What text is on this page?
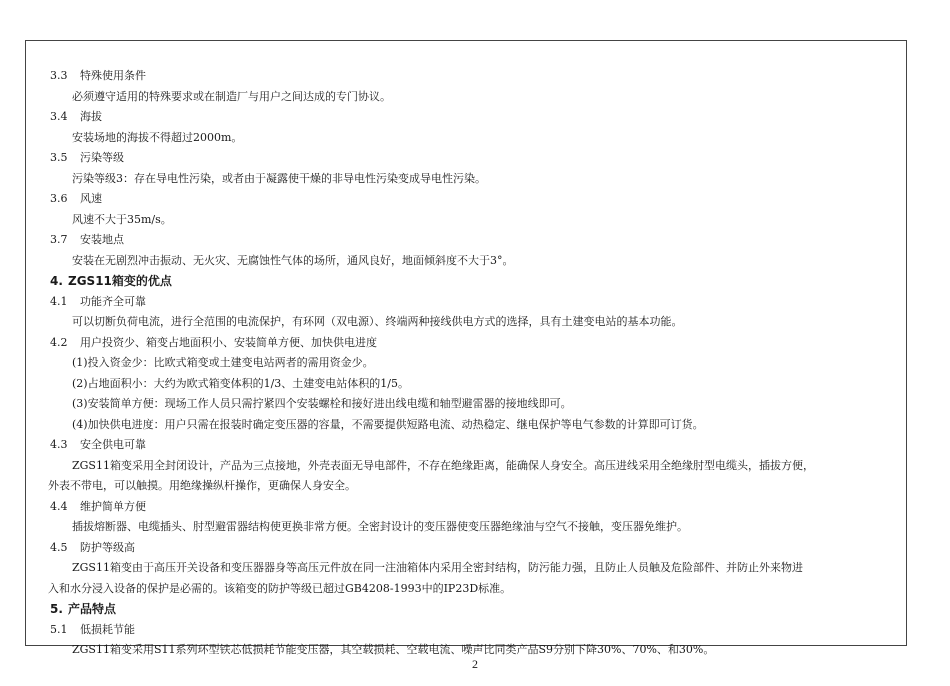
3.3 特殊使用条件
必须遵守适用的特殊要求或在制造厂与用户之间达成的专门协议。
3.4 海拔
安装场地的海拔不得超过2000m。
3.5 污染等级
污染等级3：存在导电性污染，或者由于凝露使干燥的非导电性污染变成导电性污染。
3.6 风速
风速不大于35m/s。
3.7 安装地点
安装在无剧烈冲击振动、无火灾、无腐蚀性气体的场所，通风良好，地面倾斜度不大于3°。
4. ZGS11箱变的优点
4.1 功能齐全可靠
可以切断负荷电流，进行全范围的电流保护，有环网（双电源）、终端两种接线供电方式的选择，具有土建变电站的基本功能。
4.2 用户投资少、箱变占地面积小、安装简单方便、加快供电进度
(1)投入资金少：比欧式箱变或土建变电站两者的需用资金少。
(2)占地面积小：大约为欧式箱变体积的1/3、土建变电站体积的1/5。
(3)安装简单方便：现场工作人员只需拧紧四个安装螺栓和接好进出线电缆和轴型避雷器的接地线即可。
(4)加快供电进度：用户只需在报装时确定变压器的容量，不需要提供短路电流、动热稳定、继电保护等电气参数的计算即可订货。
4.3 安全供电可靠
ZGS11箱变采用全封闭设计，产品为三点接地，外壳表面无导电部件，不存在绝缘距离，能确保人身安全。高压进线采用全绝缘肘型电缆头，插拔方便，
外表不带电，可以触摸。用绝缘操纵杆操作，更确保人身安全。
4.4 维护简单方便
插拔熔断器、电缆插头、肘型避雷器结构使更换非常方便。全密封设计的变压器使变压器绝缘油与空气不接触，变压器免维护。
4.5 防护等级高
ZGS11箱变由于高压开关设备和变压器器身等高压元件放在同一注油箱体内采用全密封结构，防污能力强，且防止人员触及危险部件、并防止外来物进
入和水分浸入设备的保护是必需的。该箱变的防护等级已超过GB4208-1993中的IP23D标准。
5. 产品特点
5.1 低损耗节能
ZGS11箱变采用S11系列环型铁芯低损耗节能变压器，其空载损耗、空载电流、噪声比同类产品S9分别下降30%、70%、和30%。
2
